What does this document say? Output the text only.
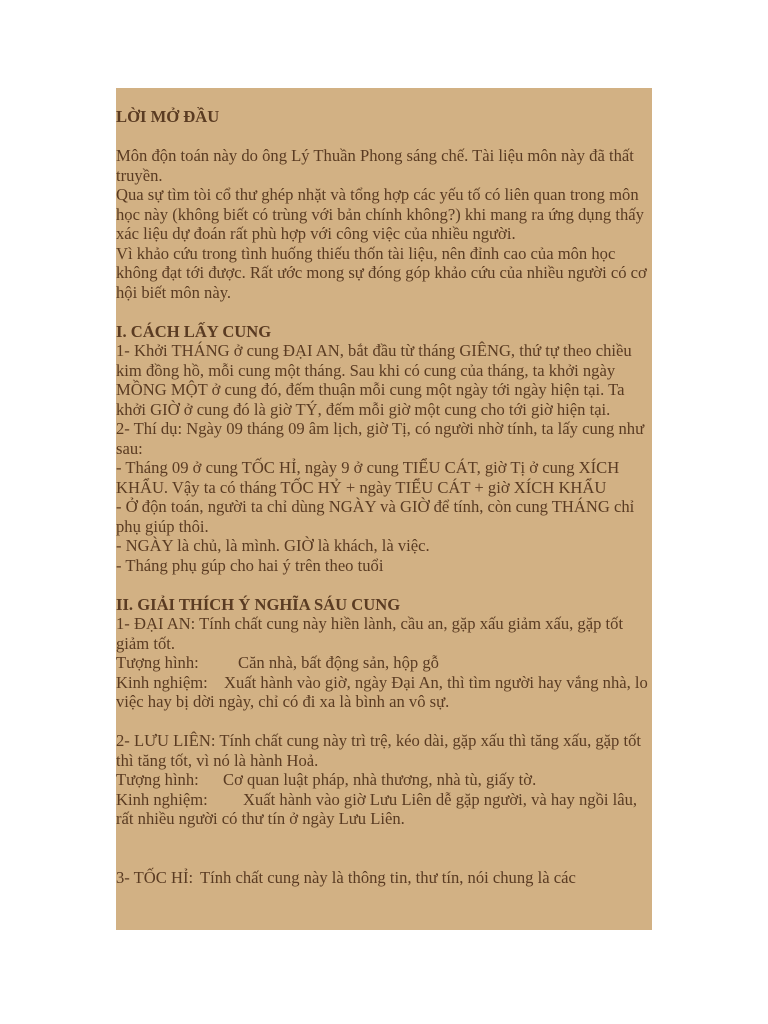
LỜI MỞ ĐẦU
Môn độn toán này do ông Lý Thuần Phong sáng chế. Tài liệu môn này đã thất truyền.
Qua sự tìm tòi cổ thư ghép nhặt và tổng hợp các yếu tố có liên quan trong môn học này (không biết có trùng với bản chính không?) khi mang ra ứng dụng thấy xác liệu dự đoán rất phù hợp với công việc của nhiều người.
Vì khảo cứu trong tình huống thiếu thốn tài liệu, nên đỉnh cao của môn học không đạt tới được. Rất ước mong sự đóng góp khảo cứu của nhiều người có cơ hội biết môn này.
I. CÁCH LẤY CUNG
1- Khởi THÁNG ở cung ĐẠI AN, bắt đầu từ tháng GIÊNG, thứ tự theo chiều kim đồng hồ, mỗi cung một tháng. Sau khi có cung của tháng, ta khởi ngày MỒNG MỘT ở cung đó, đếm thuận mỗi cung một ngày tới ngày hiện tại. Ta khởi GIỜ ở cung đó là giờ TÝ, đếm mỗi giờ một cung cho tới giờ hiện tại.
2- Thí dụ: Ngày 09 tháng 09 âm lịch, giờ Tị, có người nhờ tính, ta lấy cung như sau:
- Tháng 09 ở cung TỐC HỈ, ngày 9 ở cung TIỂU CÁT, giờ Tị ở cung XÍCH KHẨU. Vậy ta có tháng TỐC HỶ + ngày TIỂU CÁT + giờ XÍCH KHẨU
- Ở độn toán, người ta chỉ dùng NGÀY và GIỜ để tính, còn cung THÁNG chỉ phụ giúp thôi.
- NGÀY là chủ, là mình. GIỜ là khách, là việc.
- Tháng phụ gúp cho hai ý trên theo tuổi
II. GIẢI THÍCH Ý NGHĨA SÁU CUNG
1- ĐẠI AN: Tính chất cung này hiền lành, cầu an, gặp xấu giảm xấu, gặp tốt giảm tốt.
Tượng hình: Căn nhà, bất động sản, hộp gỗ
Kinh nghiệm: Xuất hành vào giờ, ngày Đại An, thì tìm người hay vắng nhà, lo việc hay bị dời ngày, chỉ có đi xa là bình an vô sự.
2- LƯU LIÊN: Tính chất cung này trì trệ, kéo dài, gặp xấu thì tăng xấu, gặp tốt thì tăng tốt, vì nó là hành Hoả.
Tượng hình: Cơ quan luật pháp, nhà thương, nhà tù, giấy tờ.
Kinh nghiệm: Xuất hành vào giờ Lưu Liên dễ gặp người, và hay ngồi lâu, rất nhiều người có thư tín ở ngày Lưu Liên.
3- TỐC HỈ: Tính chất cung này là thông tin, thư tín, nói chung là các
